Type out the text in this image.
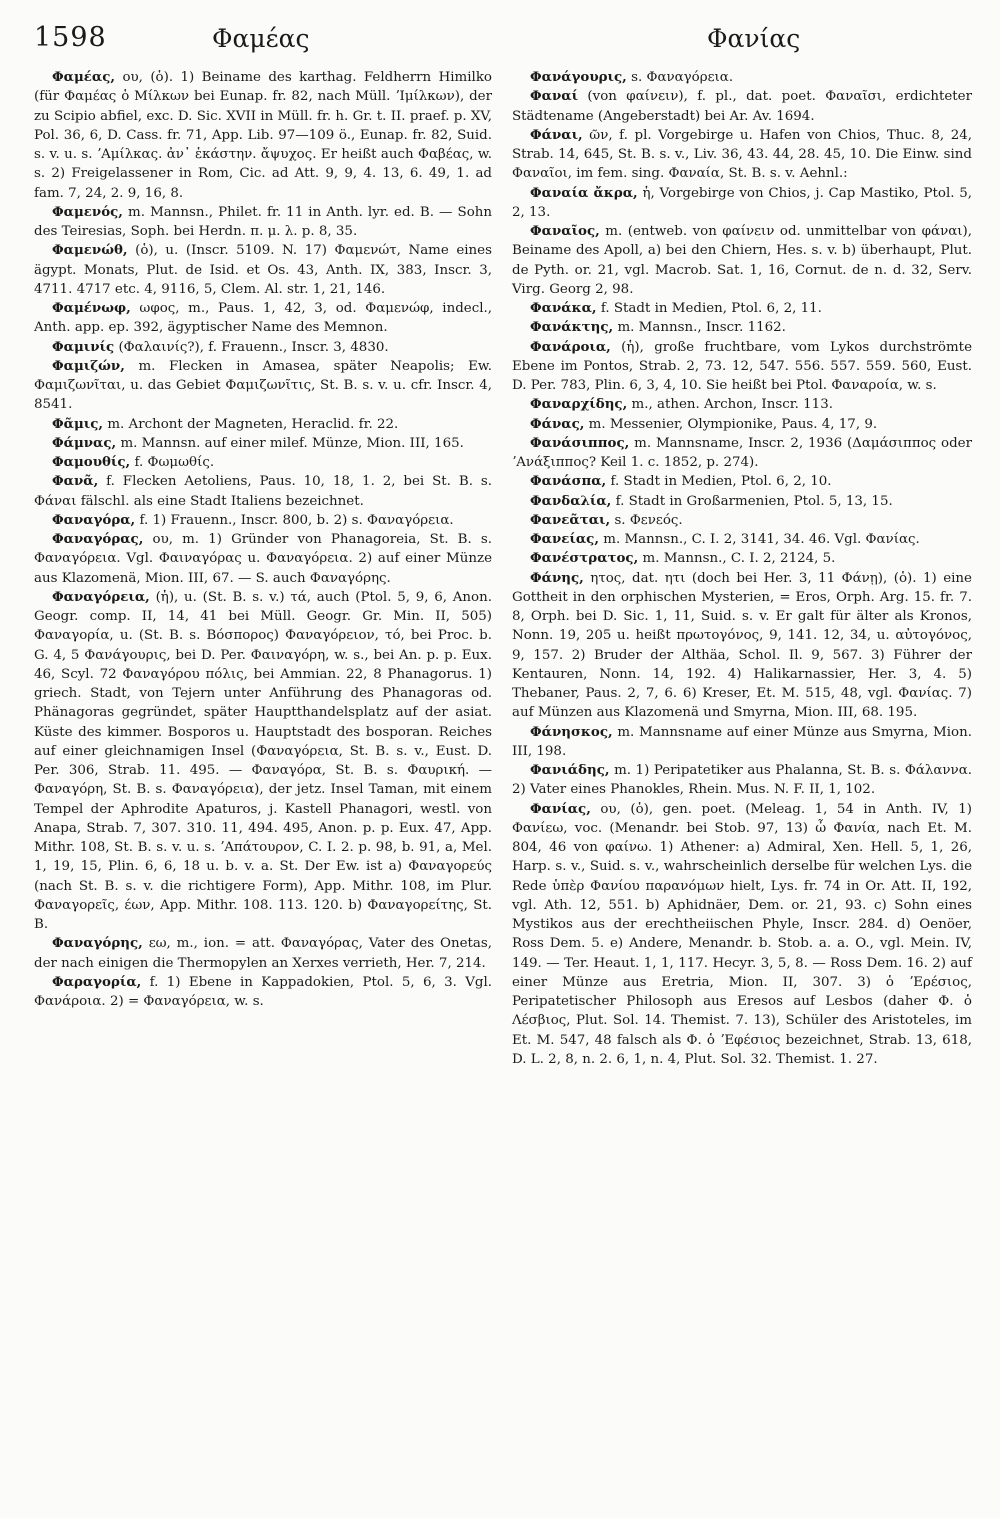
1598	Φαμέας	Φανίας

Φαμέας, ου, (ὁ). 1) Beiname des karthag. Feldherrn Himilko (für Φαμέας ὁ Μίλκων bei Eunap. fr. 82, nach Müll. ʼΙμίλκων), der zu Scipio abfiel, exc. D. Sic. XVII in Müll. fr. h. Gr. t. II. praef. p. XV, Pol. 36, 6, D. Cass. fr. 71, App. Lib. 97—109 ö., Eunap. fr. 82, Suid. s. v. u. s. ʼΑμίλκας. ἀν᾿ ἑκάστην. ἄψυχος. Er heißt auch Φαβέας, w. s. 2) Freigelassener in Rom, Cic. ad Att. 9, 9, 4. 13, 6. 49, 1. ad fam. 7, 24, 2. 9, 16, 8.

Φαμενός, m. Mannsn., Philet. fr. 11 in Anth. lyr. ed. B. — Sohn des Teiresias, Soph. bei Herdn. π. μ. λ. p. 8, 35.

Φαμενώθ, (ὁ), u. (Inscr. 5109. N. 17) Φαμενώτ, Name eines ägypt. Monats, Plut. de Isid. et Os. 43, Anth. IX, 383, Inscr. 3, 4711. 4717 etc. 4, 9116, 5, Clem. Al. str. 1, 21, 146.

Φαμένωφ, ωφος, m., Paus. 1, 42, 3, od. Φαμενώφ, indecl., Anth. app. ep. 392, ägyptischer Name des Memnon.

Φαμινίς (Φαλαινίς?), f. Frauenn., Inscr. 3, 4830.

Φαμιζών, m. Flecken in Amasea, später Neapolis; Ew. Φαμιζωνῖται, u. das Gebiet Φαμιζωνῖτις, St. B. s. v. u. cfr. Inscr. 4, 8541.

Φᾶμις, m. Archont der Magneten, Heraclid. fr. 22.

Φάμνας, m. Mannsn. auf einer milef. Münze, Mion. III, 165.

Φαμουθίς, f. Φωμωθίς.

Φανᾶ, f. Flecken Aetoliens, Paus. 10, 18, 1. 2, bei St. B. s. Φάναι fälschl. als eine Stadt Italiens bezeichnet.

Φαναγόρα, f. 1) Frauenn., Inscr. 800, b. 2) s. Φαναγόρεια.

Φαναγόρας, ου, m. 1) Gründer von Phanagoreia, St. B. s. Φαναγόρεια. Vgl. Φαιναγόρας u. Φαναγόρεια. 2) auf einer Münze aus Klazomenä, Mion. III, 67. — S. auch Φαναγόρης.

Φαναγόρεια, (ἡ), u. (St. B. s. v.) τά, auch (Ptol. 5, 9, 6, Anon. Geogr. comp. II, 14, 41 bei Müll. Geogr. Gr. Min. II, 505) Φαναγορία, u. (St. B. s. Βόσπορος) Φαναγόρειον, τό, bei Proc. b. G. 4, 5 Φανάγουρις, bei D. Per. Φαιναγόρη, w. s., bei An. p. p. Eux. 46, Scyl. 72 Φαναγόρου πόλις, bei Ammian. 22, 8 Phanagorus. 1) griech. Stadt, von Tejern unter Anführung des Phanagoras od. Phänagoras gegründet, später Hauptthandelsplatz auf der asiat. Küste des kimmer. Bosporos u. Hauptstadt des bosporan. Reiches auf einer gleichnamigen Insel (Φαναγόρεια, St. B. s. v., Eust. D. Per. 306, Strab. 11. 495. — Φαναγόρα, St. B. s. Φαυρική. — Φαναγόρη, St. B. s. Φαναγόρεια), der jetz. Insel Taman, mit einem Tempel der Aphrodite Apaturos, j. Kastell Phanagori, westl. von Anapa, Strab. 7, 307. 310. 11, 494. 495, Anon. p. p. Eux. 47, App. Mithr. 108, St. B. s. v. u. s. ʼΑπάτουρον, C. I. 2. p. 98, b. 91, a, Mel. 1, 19, 15, Plin. 6, 6, 18 u. b. v. a. St. Der Ew. ist a) Φαναγορεύς (nach St. B. s. v. die richtigere Form), App. Mithr. 108, im Plur. Φαναγορεῖς, έων, App. Mithr. 108. 113. 120. b) Φαναγορείτης, St. B.

Φαναγόρης, εω, m., ion. = att. Φαναγόρας, Vater des Onetas, der nach einigen die Thermopylen an Xerxes verrieth, Her. 7, 214.

Φαραγορία, f. 1) Ebene in Kappadokien, Ptol. 5, 6, 3. Vgl. Φανάροια. 2) = Φαναγόρεια, w. s.

Φανάγουρις, s. Φαναγόρεια.

Φαναί (von φαίνειν), f. pl., dat. poet. Φαναῖσι, erdichteter Städtename (Angeberstadt) bei Ar. Av. 1694.

Φάναι, ῶν, f. pl. Vorgebirge u. Hafen von Chios, Thuc. 8, 24, Strab. 14, 645, St. B. s. v., Liv. 36, 43. 44, 28. 45, 10. Die Einw. sind Φαναῖοι, im fem. sing. Φαναία, St. B. s. v. Aehnl.:

Φαναία ἄκρα, ἡ, Vorgebirge von Chios, j. Cap Mastiko, Ptol. 5, 2, 13.

Φαναῖος, m. (entweb. von φαίνειν od. unmittelbar von φάναι), Beiname des Apoll, a) bei den Chiern, Hes. s. v. b) überhaupt, Plut. de Pyth. or. 21, vgl. Macrob. Sat. 1, 16, Cornut. de n. d. 32, Serv. Virg. Georg 2, 98.

Φανάκα, f. Stadt in Medien, Ptol. 6, 2, 11.

Φανάκτης, m. Mannsn., Inscr. 1162.

Φανάροια, (ἡ), große fruchtbare, vom Lykos durchströmte Ebene im Pontos, Strab. 2, 73. 12, 547. 556. 557. 559. 560, Eust. D. Per. 783, Plin. 6, 3, 4, 10. Sie heißt bei Ptol. Φαναροία, w. s.

Φαναρχίδης, m., athen. Archon, Inscr. 113.

Φάνας, m. Messenier, Olympionike, Paus. 4, 17, 9.

Φανάσιππος, m. Mannsname, Inscr. 2, 1936 (Δαμάσιππος oder ʼΑνάξιππος? Keil 1. c. 1852, p. 274).

Φανάσπα, f. Stadt in Medien, Ptol. 6, 2, 10.

Φανδαλία, f. Stadt in Großarmenien, Ptol. 5, 13, 15.

Φανεᾶται, s. Φενεός.

Φανείας, m. Mannsn., C. I. 2, 3141, 34. 46. Vgl. Φανίας.

Φανέστρατος, m. Mannsn., C. I. 2, 2124, 5.

Φάνης, ητος, dat. ητι (doch bei Her. 3, 11 Φάνῃ), (ὁ). 1) eine Gottheit in den orphischen Mysterien, = Eros, Orph. Arg. 15. fr. 7. 8, Orph. bei D. Sic. 1, 11, Suid. s. v. Er galt für älter als Kronos, Nonn. 19, 205 u. heißt πρωτογόνος, 9, 141. 12, 34, u. αὐτογόνος, 9, 157. 2) Bruder der Althäa, Schol. Il. 9, 567. 3) Führer der Kentauren, Nonn. 14, 192. 4) Halikarnassier, Her. 3, 4. 5) Thebaner, Paus. 2, 7, 6. 6) Kreser, Et. M. 515, 48, vgl. Φανίας. 7) auf Münzen aus Klazomenä und Smyrna, Mion. III, 68. 195.

Φάνησκος, m. Mannsname auf einer Münze aus Smyrna, Mion. III, 198.

Φανιάδης, m. 1) Peripatetiker aus Phalanna, St. B. s. Φάλαννα. 2) Vater eines Phanokles, Rhein. Mus. N. F. II, 1, 102.

Φανίας, ου, (ὁ), gen. poet. (Meleag. 1, 54 in Anth. IV, 1) Φανίεω, voc. (Menandr. bei Stob. 97, 13) ὦ Φανία, nach Et. M. 804, 46 von φαίνω. 1) Athener: a) Admiral, Xen. Hell. 5, 1, 26, Harp. s. v., Suid. s. v., wahrscheinlich derselbe für welchen Lys. die Rede ὑπὲρ Φανίου παρανόμων hielt, Lys. fr. 74 in Or. Att. II, 192, vgl. Ath. 12, 551. b) Aphidnäer, Dem. or. 21, 93. c) Sohn eines Mystikos aus der erechtheiischen Phyle, Inscr. 284. d) Oenöer, Ross Dem. 5. e) Andere, Menandr. b. Stob. a. a. O., vgl. Mein. IV, 149. — Ter. Heaut. 1, 1, 117. Hecyr. 3, 5, 8. — Ross Dem. 16. 2) auf einer Münze aus Eretria, Mion. II, 307. 3) ὁ ʼΕρέσιος, Peripatetischer Philosoph aus Eresos auf Lesbos (daher Φ. ὁ Λέσβιος, Plut. Sol. 14. Themist. 7. 13), Schüler des Aristoteles, im Et. M. 547, 48 falsch als Φ. ὁ ʼΕφέσιος bezeichnet, Strab. 13, 618, D. L. 2, 8, n. 2. 6, 1, n. 4, Plut. Sol. 32. Themist. 1. 27.
